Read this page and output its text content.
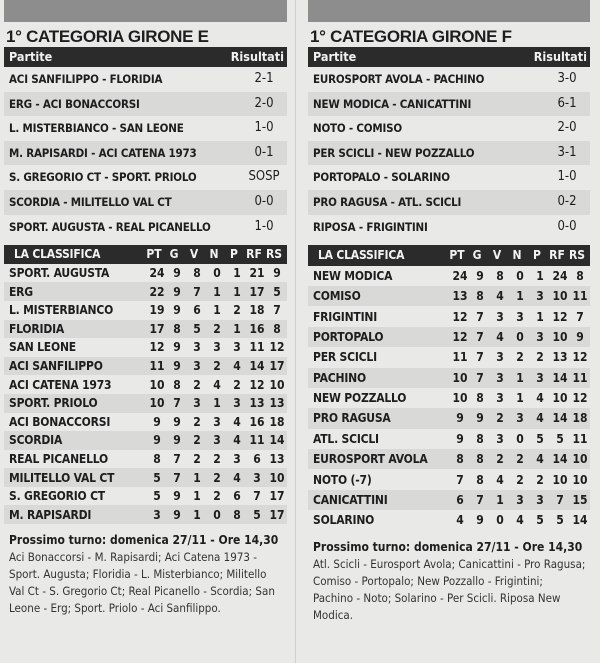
1° CATEGORIA GIRONE E
Partite	Risultati
ACI SANFILIPPO - FLORIDIA	2-1
ERG - ACI BONACCORSI	2-0
L. MISTERBIANCO - SAN LEONE	1-0
M. RAPISARDI - ACI CATENA 1973	0-1
S. GREGORIO CT - SPORT. PRIOLO	SOSP
SCORDIA - MILITELLO VAL CT	0-0
SPORT. AUGUSTA - REAL PICANELLO	1-0
LA CLASSIFICA	PT G V N P RF RS
SPORT. AUGUSTA	24 9	8	0	1 21 9
ERG	22 9	7	1	1 17 5
L. MISTERBIANCO	19 9	6	1	2 18 7
FLORIDIA	17 8	5	2	1 16 8
SAN LEONE	12 9	3	3	3 11 12
ACI SANFILIPPO	11 9	3	2	4 14 17
ACI CATENA 1973	10 8	2	4	2 12 10
SPORT. PRIOLO	10 7	3	1	3 13 13
ACI BONACCORSI	9	9	2	3	4 16 18
SCORDIA	9	9	2	3	4 11 14
REAL PICANELLO	8	7	2	2	3	6 13
MILITELLO VAL CT	5	7	1	2	4	3 10
S. GREGORIO CT	5	9	1	2	6	7 17
M. RAPISARDI	3	9	1	0	8	5 17
Prossimo turno: domenica 27/11 - Ore 14,30
Aci Bonaccorsi - M. Rapisardi; Aci Catena 1973 - Sport. Augusta; Floridia - L. Misterbianco; Militello Val Ct - S. Gregorio Ct; Real Picanello - Scordia; San Leone - Erg; Sport. Priolo - Aci Sanfilippo.
1° CATEGORIA GIRONE F
Partite	Risultati
EUROSPORT AVOLA - PACHINO	3-0
NEW MODICA - CANICATTINI	6-1
NOTO - COMISO	2-0
PER SCICLI - NEW POZZALLO	3-1
PORTOPALO - SOLARINO	1-0
PRO RAGUSA - ATL. SCICLI	0-2
RIPOSA - FRIGINTINI	0-0
LA CLASSIFICA	PT G V N P RF RS
NEW MODICA	24 9	8	0	1 24 8
COMISO	13 8	4	1	3 10 11
FRIGINTINI	12 7	3	3	1 12 7
PORTOPALO	12 7	4	0	3 10 9
PER SCICLI	11 7	3	2	2 13 12
PACHINO	10 7	3	1	3 14 11
NEW POZZALLO	10 8	3	1	4 10 12
PRO RAGUSA	9	9	2	3	4 14 18
ATL. SCICLI	9	8	3	0	5	5 11
EUROSPORT AVOLA	8	8	2	2	4 14 10
NOTO (-7)	7	8	4	2	2 10 10
CANICATTINI	6	7	1	3	3	7 15
SOLARINO	4	9	0	4	5	5 14
Prossimo turno: domenica 27/11 - Ore 14,30
Atl. Scicli - Eurosport Avola; Canicattini - Pro Ragusa; Comiso - Portopalo; New Pozzallo - Frigintini; Pachino - Noto; Solarino - Per Scicli. Riposa New Modica.
